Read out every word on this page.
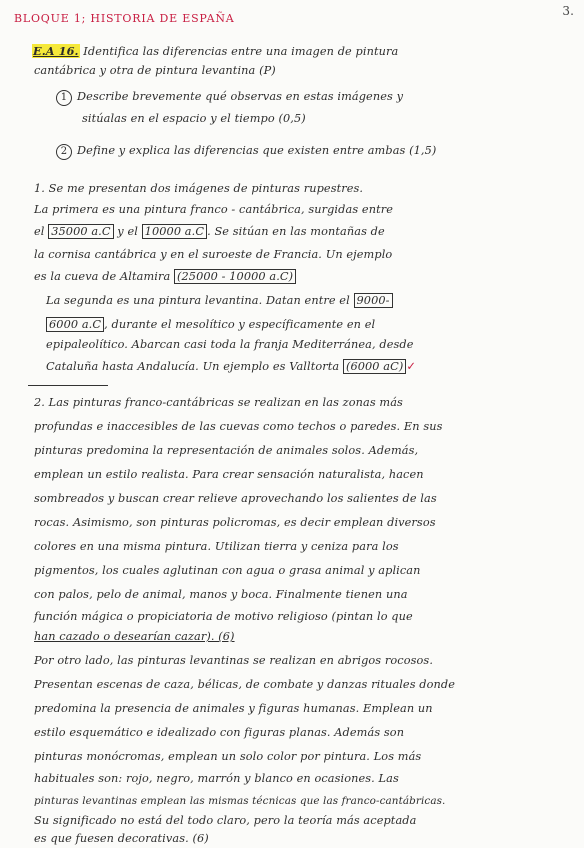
BLOQUE 1; HISTORIA DE ESPAÑA
3.
E.A 16. Identifica las diferencias entre una imagen de pintura
cantábrica y otra de pintura levantina (P)
1 Describe brevemente qué observas en estas imágenes y
sitúalas en el espacio y el tiempo (0,5)
2 Define y explica las diferencias que existen entre ambas (1,5)
1. Se me presentan dos imágenes de pinturas rupestres.
La primera es una pintura franco - cantábrica, surgidas entre
el 35000 a.C y el 10000 a.C . Se sitúan en las montañas de
la cornisa cantábrica y en el suroeste de Francia. Un ejemplo
es la cueva de Altamira (25000 - 10000 a.C)
La segunda es una pintura levantina. Datan entre el 9000-
6000 a.C , durante el mesolítico y específicamente en el
epipaleolítico. Abarcan casi toda la franja Mediterránea, desde
Cataluña hasta Andalucía. Un ejemplo es Valltorta (6000 aC) ✓
2. Las pinturas franco-cantábricas se realizan en las zonas más
profundas e inaccesibles de las cuevas como techos o paredes. En sus
pinturas predomina la representación de animales solos. Además,
emplean un estilo realista. Para crear sensación naturalista, hacen
sombreados y buscan crear relieve aprovechando los salientes de las
rocas. Asimismo, son pinturas policromas, es decir emplean diversos
colores en una misma pintura. Utilizan tierra y ceniza para los
pigmentos, los cuales aglutinan con agua o grasa animal y aplican
con palos, pelo de animal, manos y boca. Finalmente tienen una
función mágica o propiciatoria de motivo religioso (pintan lo que
han cazado o desearían cazar). (6)
Por otro lado, las pinturas levantinas se realizan en abrigos rocosos.
Presentan escenas de caza, bélicas, de combate y danzas rituales donde
predomina la presencia de animales y figuras humanas. Emplean un
estilo esquemático e idealizado con figuras planas. Además son
pinturas monócromas, emplean un solo color por pintura. Los más
habituales son: rojo, negro, marrón y blanco en ocasiones. Las
pinturas levantinas emplean las mismas técnicas que las franco-cantábricas.
Su significado no está del todo claro, pero la teoría más aceptada
es que fuesen decorativas. (6)
